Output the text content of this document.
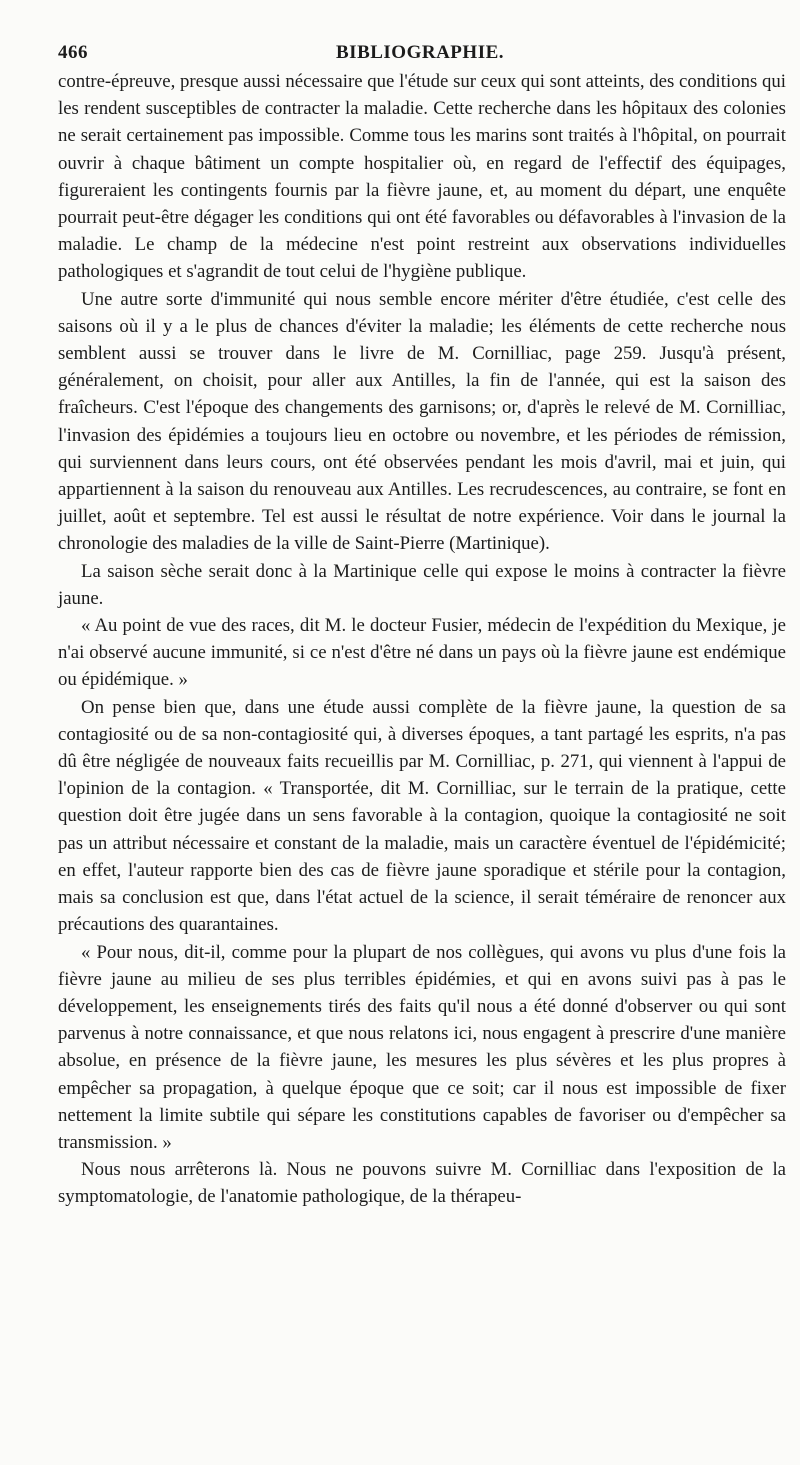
466	BIBLIOGRAPHIE.

contre-épreuve, presque aussi nécessaire que l'étude sur ceux qui sont atteints, des conditions qui les rendent susceptibles de contracter la maladie. Cette recherche dans les hôpitaux des colonies ne serait certainement pas impossible. Comme tous les marins sont traités à l'hôpital, on pourrait ouvrir à chaque bâtiment un compte hospitalier où, en regard de l'effectif des équipages, figureraient les contingents fournis par la fièvre jaune, et, au moment du départ, une enquête pourrait peut-être dégager les conditions qui ont été favorables ou défavorables à l'invasion de la maladie. Le champ de la médecine n'est point restreint aux observations individuelles pathologiques et s'agrandit de tout celui de l'hygiène publique.

Une autre sorte d'immunité qui nous semble encore mériter d'être étudiée, c'est celle des saisons où il y a le plus de chances d'éviter la maladie; les éléments de cette recherche nous semblent aussi se trouver dans le livre de M. Cornilliac, page 259. Jusqu'à présent, généralement, on choisit, pour aller aux Antilles, la fin de l'année, qui est la saison des fraîcheurs. C'est l'époque des changements des garnisons; or, d'après le relevé de M. Cornilliac, l'invasion des épidémies a toujours lieu en octobre ou novembre, et les périodes de rémission, qui surviennent dans leurs cours, ont été observées pendant les mois d'avril, mai et juin, qui appartiennent à la saison du renouveau aux Antilles. Les recrudescences, au contraire, se font en juillet, août et septembre. Tel est aussi le résultat de notre expérience. Voir dans le journal la chronologie des maladies de la ville de Saint-Pierre (Martinique).

La saison sèche serait donc à la Martinique celle qui expose le moins à contracter la fièvre jaune.

« Au point de vue des races, dit M. le docteur Fusier, médecin de l'expédition du Mexique, je n'ai observé aucune immunité, si ce n'est d'être né dans un pays où la fièvre jaune est endémique ou épidémique. »

On pense bien que, dans une étude aussi complète de la fièvre jaune, la question de sa contagiosité ou de sa non-contagiosité qui, à diverses époques, a tant partagé les esprits, n'a pas dû être négligée de nouveaux faits recueillis par M. Cornilliac, p. 271, qui viennent à l'appui de l'opinion de la contagion. « Transportée, dit M. Cornilliac, sur le terrain de la pratique, cette question doit être jugée dans un sens favorable à la contagion, quoique la contagiosité ne soit pas un attribut nécessaire et constant de la maladie, mais un caractère éventuel de l'épidémicité; en effet, l'auteur rapporte bien des cas de fièvre jaune sporadique et stérile pour la contagion, mais sa conclusion est que, dans l'état actuel de la science, il serait téméraire de renoncer aux précautions des quarantaines.

« Pour nous, dit-il, comme pour la plupart de nos collègues, qui avons vu plus d'une fois la fièvre jaune au milieu de ses plus terribles épidémies, et qui en avons suivi pas à pas le développement, les enseignements tirés des faits qu'il nous a été donné d'observer ou qui sont parvenus à notre connaissance, et que nous relatons ici, nous engagent à prescrire d'une manière absolue, en présence de la fièvre jaune, les mesures les plus sévères et les plus propres à empêcher sa propagation, à quelque époque que ce soit; car il nous est impossible de fixer nettement la limite subtile qui sépare les constitutions capables de favoriser ou d'empêcher sa transmission. »

Nous nous arrêterons là. Nous ne pouvons suivre M. Cornilliac dans l'exposition de la symptomatologie, de l'anatomie pathologique, de la thérapeu-
